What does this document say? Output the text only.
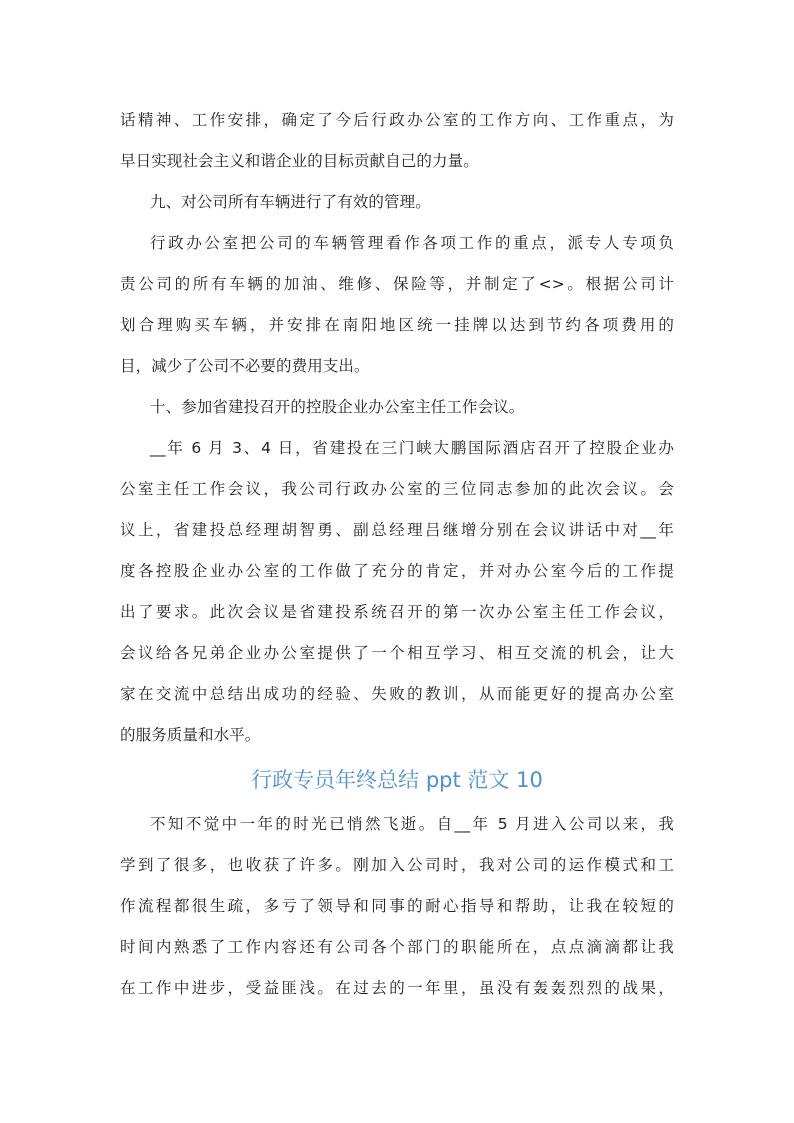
话精神、工作安排，确定了今后行政办公室的工作方向、工作重点，为
早日实现社会主义和谐企业的目标贡献自己的力量。
九、对公司所有车辆进行了有效的管理。
行政办公室把公司的车辆管理看作各项工作的重点，派专人专项负
责公司的所有车辆的加油、维修、保险等，并制定了<>。根据公司计
划合理购买车辆，并安排在南阳地区统一挂牌以达到节约各项费用的
目，减少了公司不必要的费用支出。
十、参加省建投召开的控股企业办公室主任工作会议。
__年 6 月 3、4 日，省建投在三门峡大鹏国际酒店召开了控股企业办
公室主任工作会议，我公司行政办公室的三位同志参加的此次会议。会
议上，省建投总经理胡智勇、副总经理吕继增分别在会议讲话中对__年
度各控股企业办公室的工作做了充分的肯定，并对办公室今后的工作提
出了要求。此次会议是省建投系统召开的第一次办公室主任工作会议，
会议给各兄弟企业办公室提供了一个相互学习、相互交流的机会，让大
家在交流中总结出成功的经验、失败的教训，从而能更好的提高办公室
的服务质量和水平。
行政专员年终总结 ppt 范文 10
不知不觉中一年的时光已悄然飞逝。自__年 5 月进入公司以来，我
学到了很多，也收获了许多。刚加入公司时，我对公司的运作模式和工
作流程都很生疏，多亏了领导和同事的耐心指导和帮助，让我在较短的
时间内熟悉了工作内容还有公司各个部门的职能所在，点点滴滴都让我
在工作中进步，受益匪浅。在过去的一年里，虽没有轰轰烈烈的战果，
